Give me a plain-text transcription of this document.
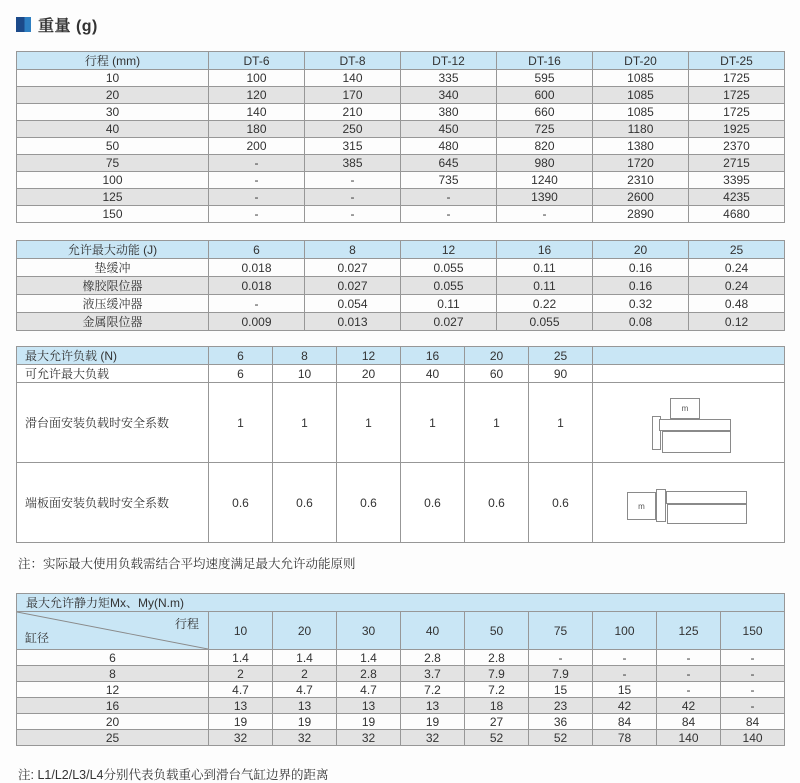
重量 (g)
行程 (mm)	DT-6	DT-8	DT-12	DT-16	DT-20	DT-25
10	100	140	335	595	1085	1725
20	120	170	340	600	1085	1725
30	140	210	380	660	1085	1725
40	180	250	450	725	1180	1925
50	200	315	480	820	1380	2370
75	-	385	645	980	1720	2715
100	-	-	735	1240	2310	3395
125	-	-	-	1390	2600	4235
150	-	-	-	-	2890	4680
允许最大动能 (J)	6	8	12	16	20	25
垫缓冲	0.018	0.027	0.055	0.11	0.16	0.24
橡胶限位器	0.018	0.027	0.055	0.11	0.16	0.24
液压缓冲器	-	0.054	0.11	0.22	0.32	0.48
金属限位器	0.009	0.013	0.027	0.055	0.08	0.12
最大允许负载 (N)	6	8	12	16	20	25	
可允许最大负载	6	10	20	40	60	90	
滑台面安装负载时安全系数	1	1	1	1	1	1	m

端板面安装负载时安全系数	0.6	0.6	0.6	0.6	0.6	0.6	m
注：实际最大使用负载需结合平均速度满足最大允许动能原则
最大允许静力矩Mx、My(N.m)									

行程
缸径	10	20	30	40	50	75	100	125	150
6	1.4	1.4	1.4	2.8	2.8	-	-	-	-
8	2	2	2.8	3.7	7.9	7.9	-	-	-
12	4.7	4.7	4.7	7.2	7.2	15	15	-	-
16	13	13	13	13	18	23	42	42	-
20	19	19	19	19	27	36	84	84	84
25	32	32	32	32	52	52	78	140	140
注: L1/L2/L3/L4分别代表负载重心到滑台气缸边界的距离
